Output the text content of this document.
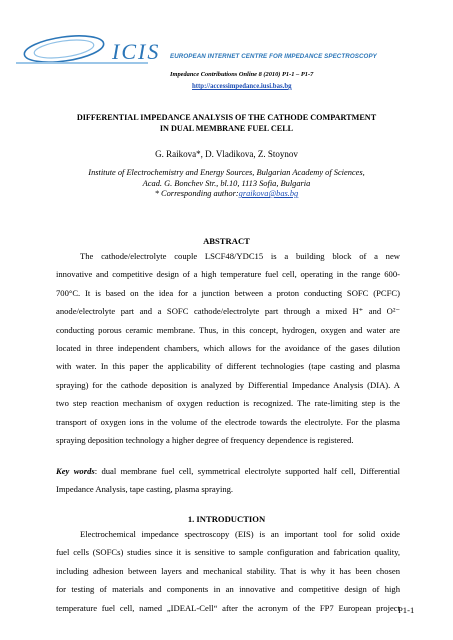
ICIS EUROPEAN INTERNET CENTRE FOR IMPEDANCE SPECTROSCOPY
Impedance Contributions Online 8 (2010) P1-1 – P1-7
http://accessimpedance.iusi.bas.bg
DIFFERENTIAL IMPEDANCE ANALYSIS OF THE CATHODE COMPARTMENT
IN DUAL MEMBRANE FUEL CELL
G. Raikova*, D. Vladikova, Z. Stoynov
Institute of Electrochemistry and Energy Sources, Bulgarian Academy of Sciences,
Acad. G. Bonchev Str., bl.10, 1113 Sofia, Bulgaria
* Corresponding author:graikova@bas.bg
ABSTRACT
The cathode/electrolyte couple LSCF48/YDC15 is a building block of a new
innovative and competitive design of a high temperature fuel cell, operating in the range 600-
700°C. It is based on the idea for a junction between a proton conducting SOFC (PCFC)
anode/electrolyte part and a SOFC cathode/electrolyte part through a mixed H⁺ and O²⁻
conducting porous ceramic membrane. Thus, in this concept, hydrogen, oxygen and water are
located in three independent chambers, which allows for the avoidance of the gases dilution
with water. In this paper the applicability of different technologies (tape casting and plasma
spraying) for the cathode deposition is analyzed by Differential Impedance Analysis (DIA). A
two step reaction mechanism of oxygen reduction is recognized. The rate-limiting step is the
transport of oxygen ions in the volume of the electrode towards the electrolyte. For the plasma
spraying deposition technology a higher degree of frequency dependence is registered.
Key words: dual membrane fuel cell, symmetrical electrolyte supported half cell, Differential
Impedance Analysis, tape casting, plasma spraying.
1. INTRODUCTION
Electrochemical impedance spectroscopy (EIS) is an important tool for solid oxide
fuel cells (SOFCs) studies since it is sensitive to sample configuration and fabrication quality,
including adhesion between layers and mechanical stability. That is why it has been chosen
for testing of materials and components in an innovative and competitive design of high
temperature fuel cell, named „IDEAL-Cell“ after the acronym of the FP7 European project
P1-1
